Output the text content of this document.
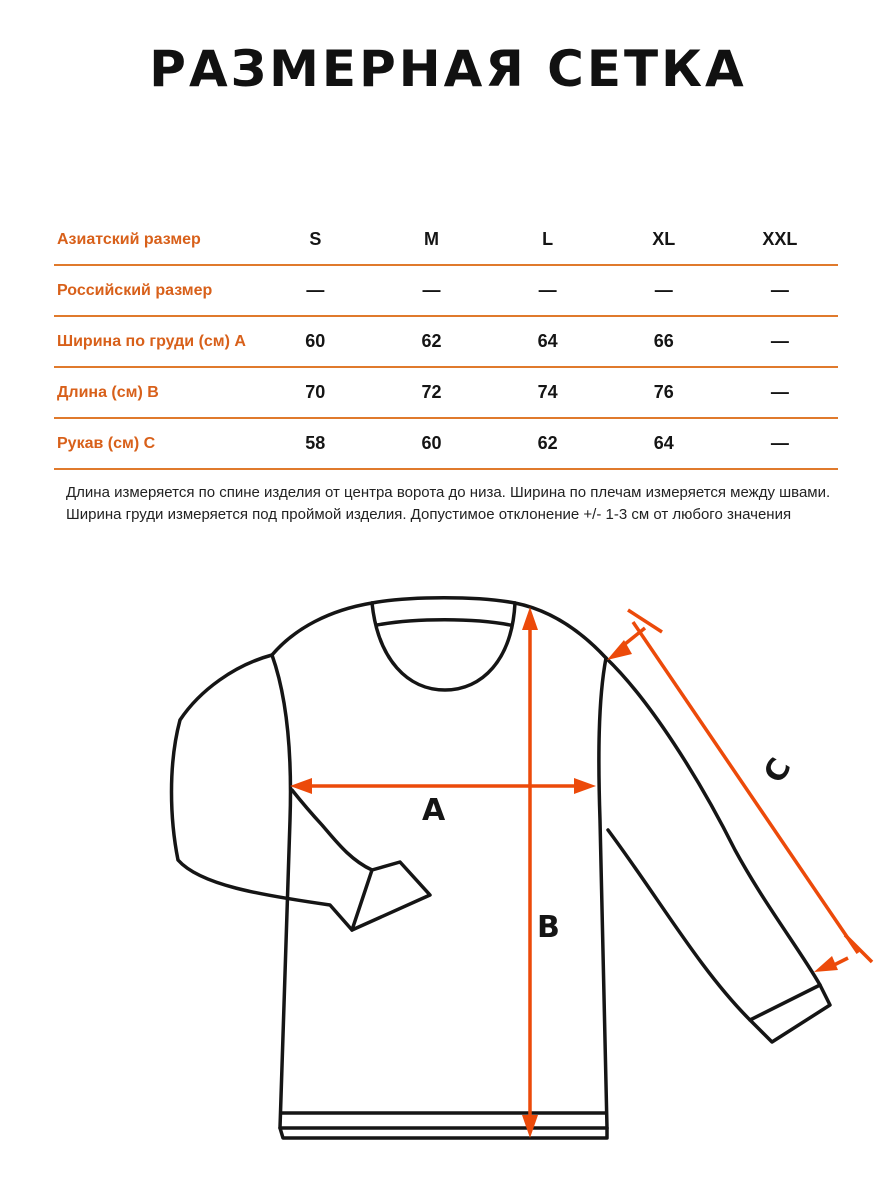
РАЗМЕРНАЯ СЕТКА
Азиатский размер	S	M	L	XL	XXL
Российский размер	—	—	—	—	—
Ширина по груди (см) А	60	62	64	66	—
Длина (см) В	70	72	74	76	—
Рукав (см) С	58	60	62	64	—
Длина измеряется по спине изделия от центра ворота до низа. Ширина по плечам измеряется между швами. Ширина груди измеряется под проймой изделия. Допустимое отклонение +/- 1-3 см от любого значения
A
B
C
